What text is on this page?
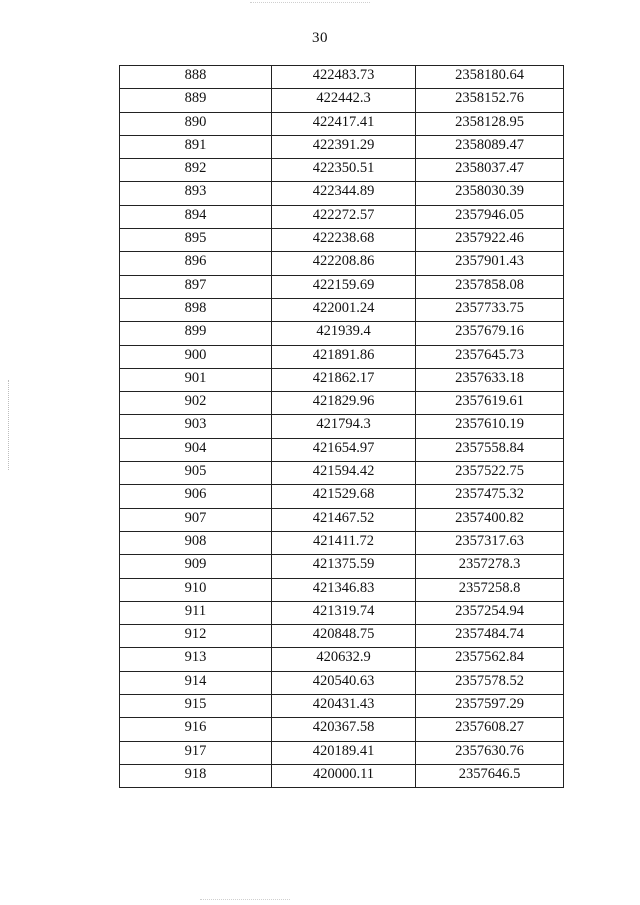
30
888	422483.73	2358180.64
889	422442.3	2358152.76
890	422417.41	2358128.95
891	422391.29	2358089.47
892	422350.51	2358037.47
893	422344.89	2358030.39
894	422272.57	2357946.05
895	422238.68	2357922.46
896	422208.86	2357901.43
897	422159.69	2357858.08
898	422001.24	2357733.75
899	421939.4	2357679.16
900	421891.86	2357645.73
901	421862.17	2357633.18
902	421829.96	2357619.61
903	421794.3	2357610.19
904	421654.97	2357558.84
905	421594.42	2357522.75
906	421529.68	2357475.32
907	421467.52	2357400.82
908	421411.72	2357317.63
909	421375.59	2357278.3
910	421346.83	2357258.8
911	421319.74	2357254.94
912	420848.75	2357484.74
913	420632.9	2357562.84
914	420540.63	2357578.52
915	420431.43	2357597.29
916	420367.58	2357608.27
917	420189.41	2357630.76
918	420000.11	2357646.5
